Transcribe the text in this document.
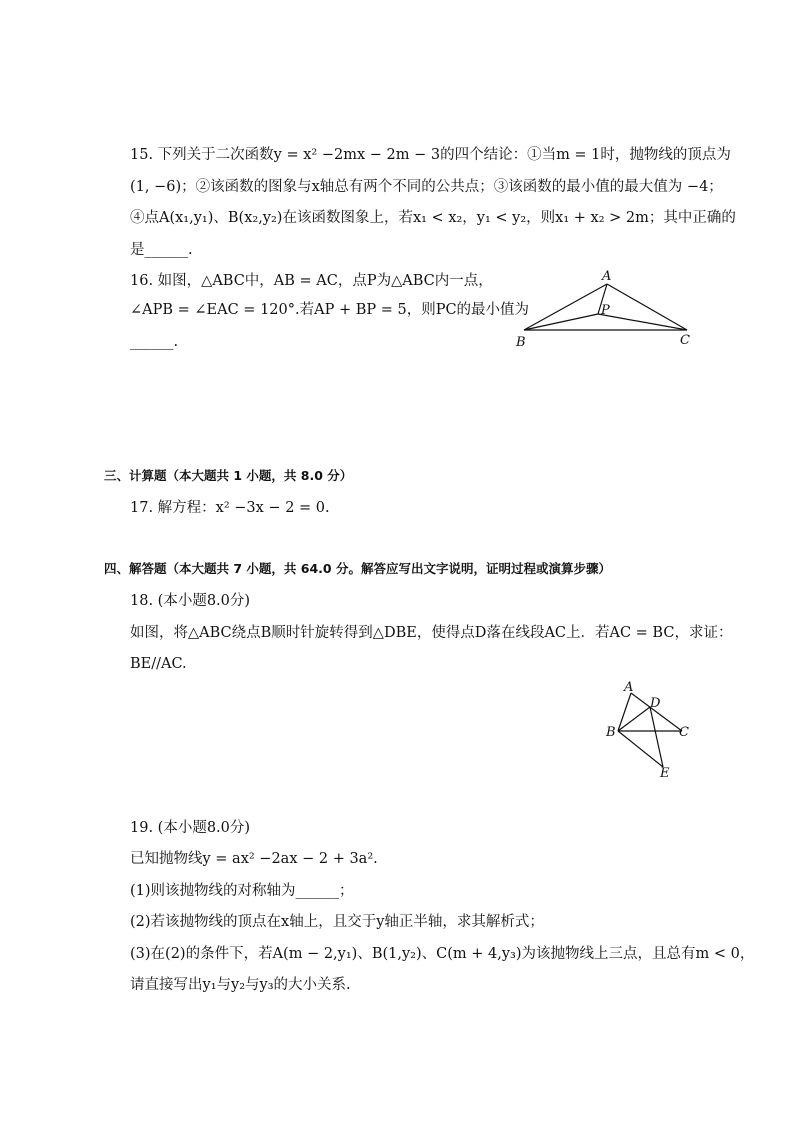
15. 下列关于二次函数y = x² −2mx − 2m − 3的四个结论：①当m = 1时，抛物线的顶点为
(1, −6)；②该函数的图象与x轴总有两个不同的公共点；③该函数的最小值的最大值为 −4；
④点A(x₁,y₁)、B(x₂,y₂)在该函数图象上，若x₁ < x₂，y₁ < y₂，则x₁ + x₂ > 2m；其中正确的
是______.
16. 如图，△ABC中，AB = AC，点P为△ABC内一点，
∠APB = ∠EAC = 120°.若AP + BP = 5，则PC的最小值为
______.
A
P
B	C
三、计算题（本大题共 1 小题，共 8.0 分）
17. 解方程：x² −3x − 2 = 0.
四、解答题（本大题共 7 小题，共 64.0 分。解答应写出文字说明，证明过程或演算步骤）
18. (本小题8.0分)
如图，将△ABC绕点B顺时针旋转得到△DBE，使得点D落在线段AC上．若AC = BC，求证：
BE//AC.
A
D
B	C
E
19. (本小题8.0分)
已知抛物线y = ax² −2ax − 2 + 3a².
(1)则该抛物线的对称轴为______；
(2)若该抛物线的顶点在x轴上，且交于y轴正半轴，求其解析式；
(3)在(2)的条件下，若A(m − 2,y₁)、B(1,y₂)、C(m + 4,y₃)为该抛物线上三点，且总有m < 0，
请直接写出y₁与y₂与y₃的大小关系.
